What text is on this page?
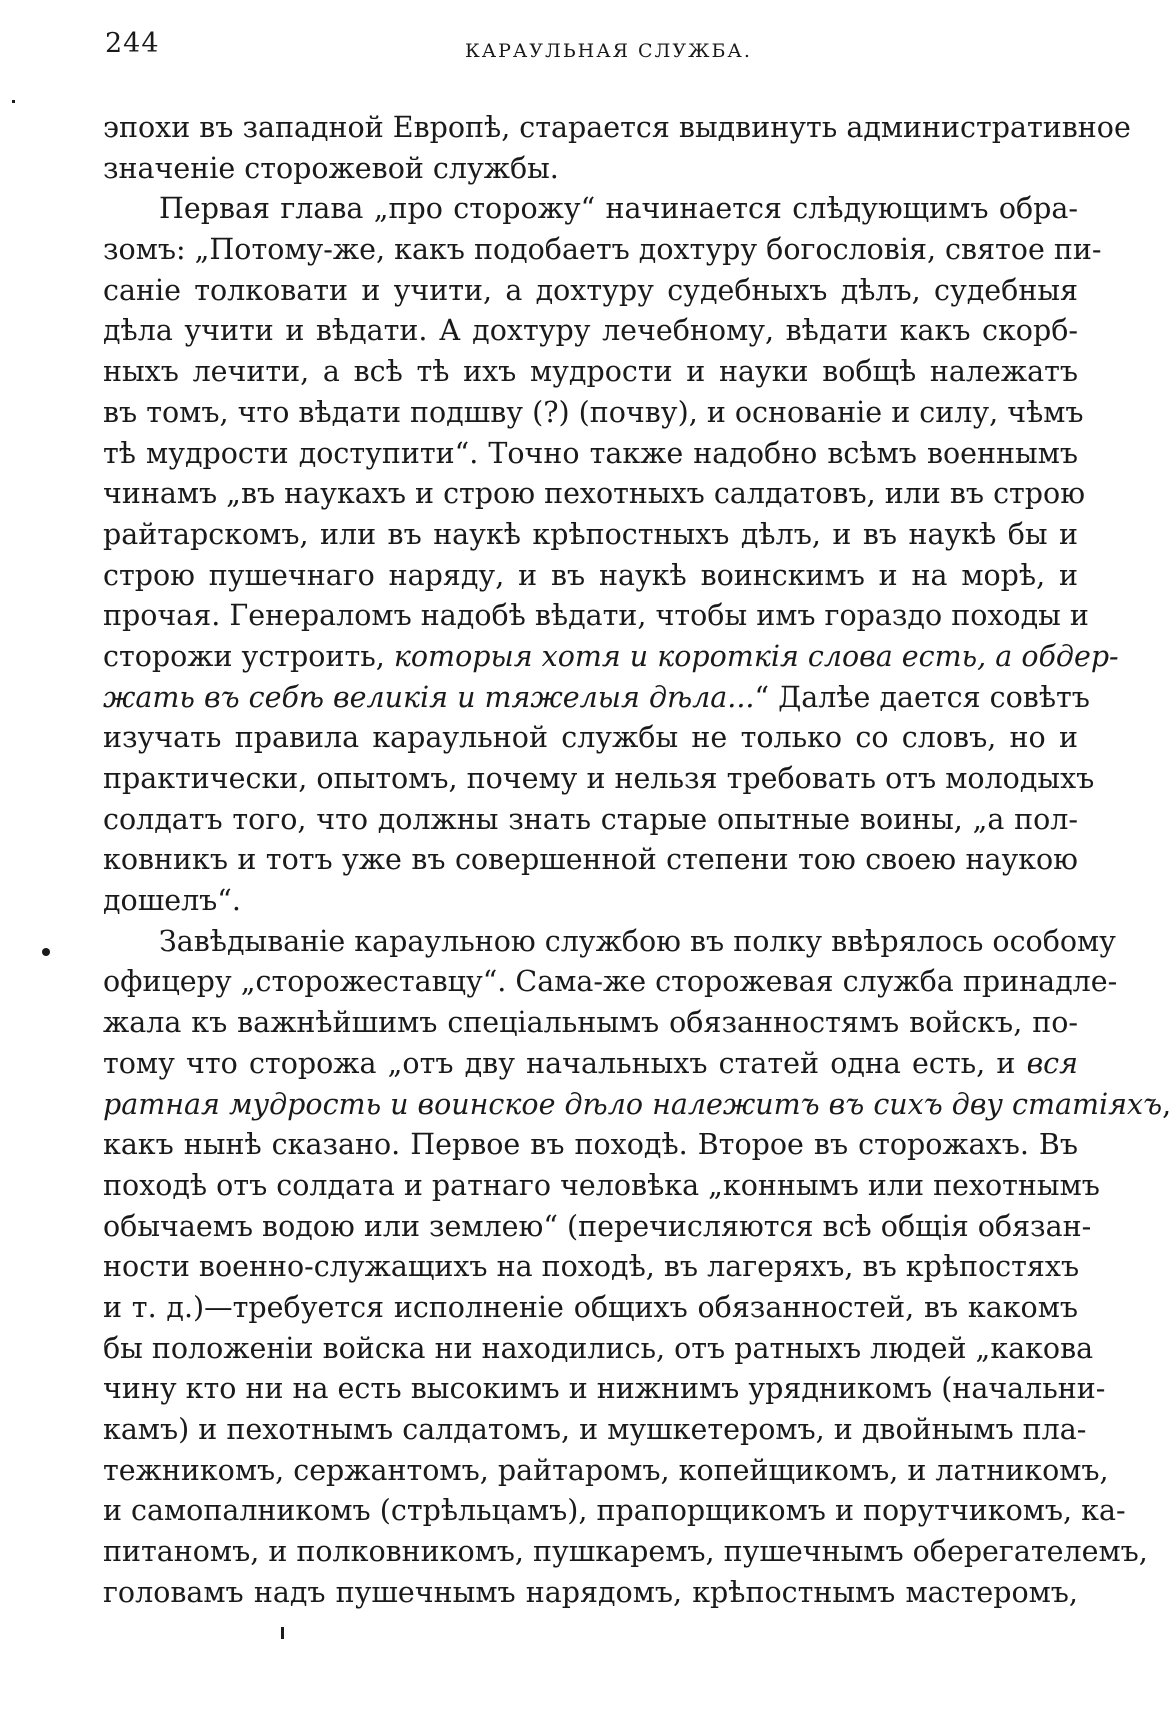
244	КАРАУЛЬНАЯ СЛУЖБА.
эпохи въ западной Европѣ, старается выдвинуть административное
значеніе сторожевой службы.
Первая глава „про сторожу“ начинается слѣдующимъ обра-
зомъ: „Потому-же, какъ подобаетъ дохтуру богословія, святое пи-
саніе толковати и учити, а дохтуру судебныхъ дѣлъ, судебныя
дѣла учити и вѣдати. А дохтуру лечебному, вѣдати какъ скорб-
ныхъ лечити, а всѣ тѣ ихъ мудрости и науки вобщѣ належатъ
въ томъ, что вѣдати подшву (?) (почву), и основаніе и силу, чѣмъ
тѣ мудрости доступити“. Точно также надобно всѣмъ военнымъ
чинамъ „въ наукахъ и строю пехотныхъ салдатовъ, или въ строю
райтарскомъ, или въ наукѣ крѣпостныхъ дѣлъ, и въ наукѣ бы и
строю пушечнаго наряду, и въ наукѣ воинскимъ и на морѣ, и
прочая. Генераломъ надобѣ вѣдати, чтобы имъ гораздо походы и
сторожи устроить, которыя хотя и короткія слова есть, а обдер-
жать въ себѣ великія и тяжелыя дѣла...“ Далѣе дается совѣтъ
изучать правила караульной службы не только со словъ, но и
практически, опытомъ, почему и нельзя требовать отъ молодыхъ
солдатъ того, что должны знать старые опытные воины, „а пол-
ковникъ и тотъ уже въ совершенной степени тою своею наукою
дошелъ“.
Завѣдываніе караульною службою въ полку ввѣрялось особому
офицеру „сторожеставцу“. Сама-же сторожевая служба принадле-
жала къ важнѣйшимъ спеціальнымъ обязанностямъ войскъ, по-
тому что сторожа „отъ дву начальныхъ статей одна есть, и вся
ратная мудрость и воинское дѣло належитъ въ сихъ дву статіяхъ,
какъ нынѣ сказано. Первое въ походѣ. Второе въ сторожахъ. Въ
походѣ отъ солдата и ратнаго человѣка „коннымъ или пехотнымъ
обычаемъ водою или землею“ (перечисляются всѣ общія обязан-
ности военно-служащихъ на походѣ, въ лагеряхъ, въ крѣпостяхъ
и т. д.)—требуется исполненіе общихъ обязанностей, въ какомъ
бы положеніи войска ни находились, отъ ратныхъ людей „какова
чину кто ни на есть высокимъ и нижнимъ урядникомъ (начальни-
камъ) и пехотнымъ салдатомъ, и мушкетеромъ, и двойнымъ пла-
тежникомъ, сержантомъ, райтаромъ, копейщикомъ, и латникомъ,
и самопалникомъ (стрѣльцамъ), прапорщикомъ и порутчикомъ, ка-
питаномъ, и полковникомъ, пушкаремъ, пушечнымъ оберегателемъ,
головамъ надъ пушечнымъ нарядомъ, крѣпостнымъ мастеромъ,
